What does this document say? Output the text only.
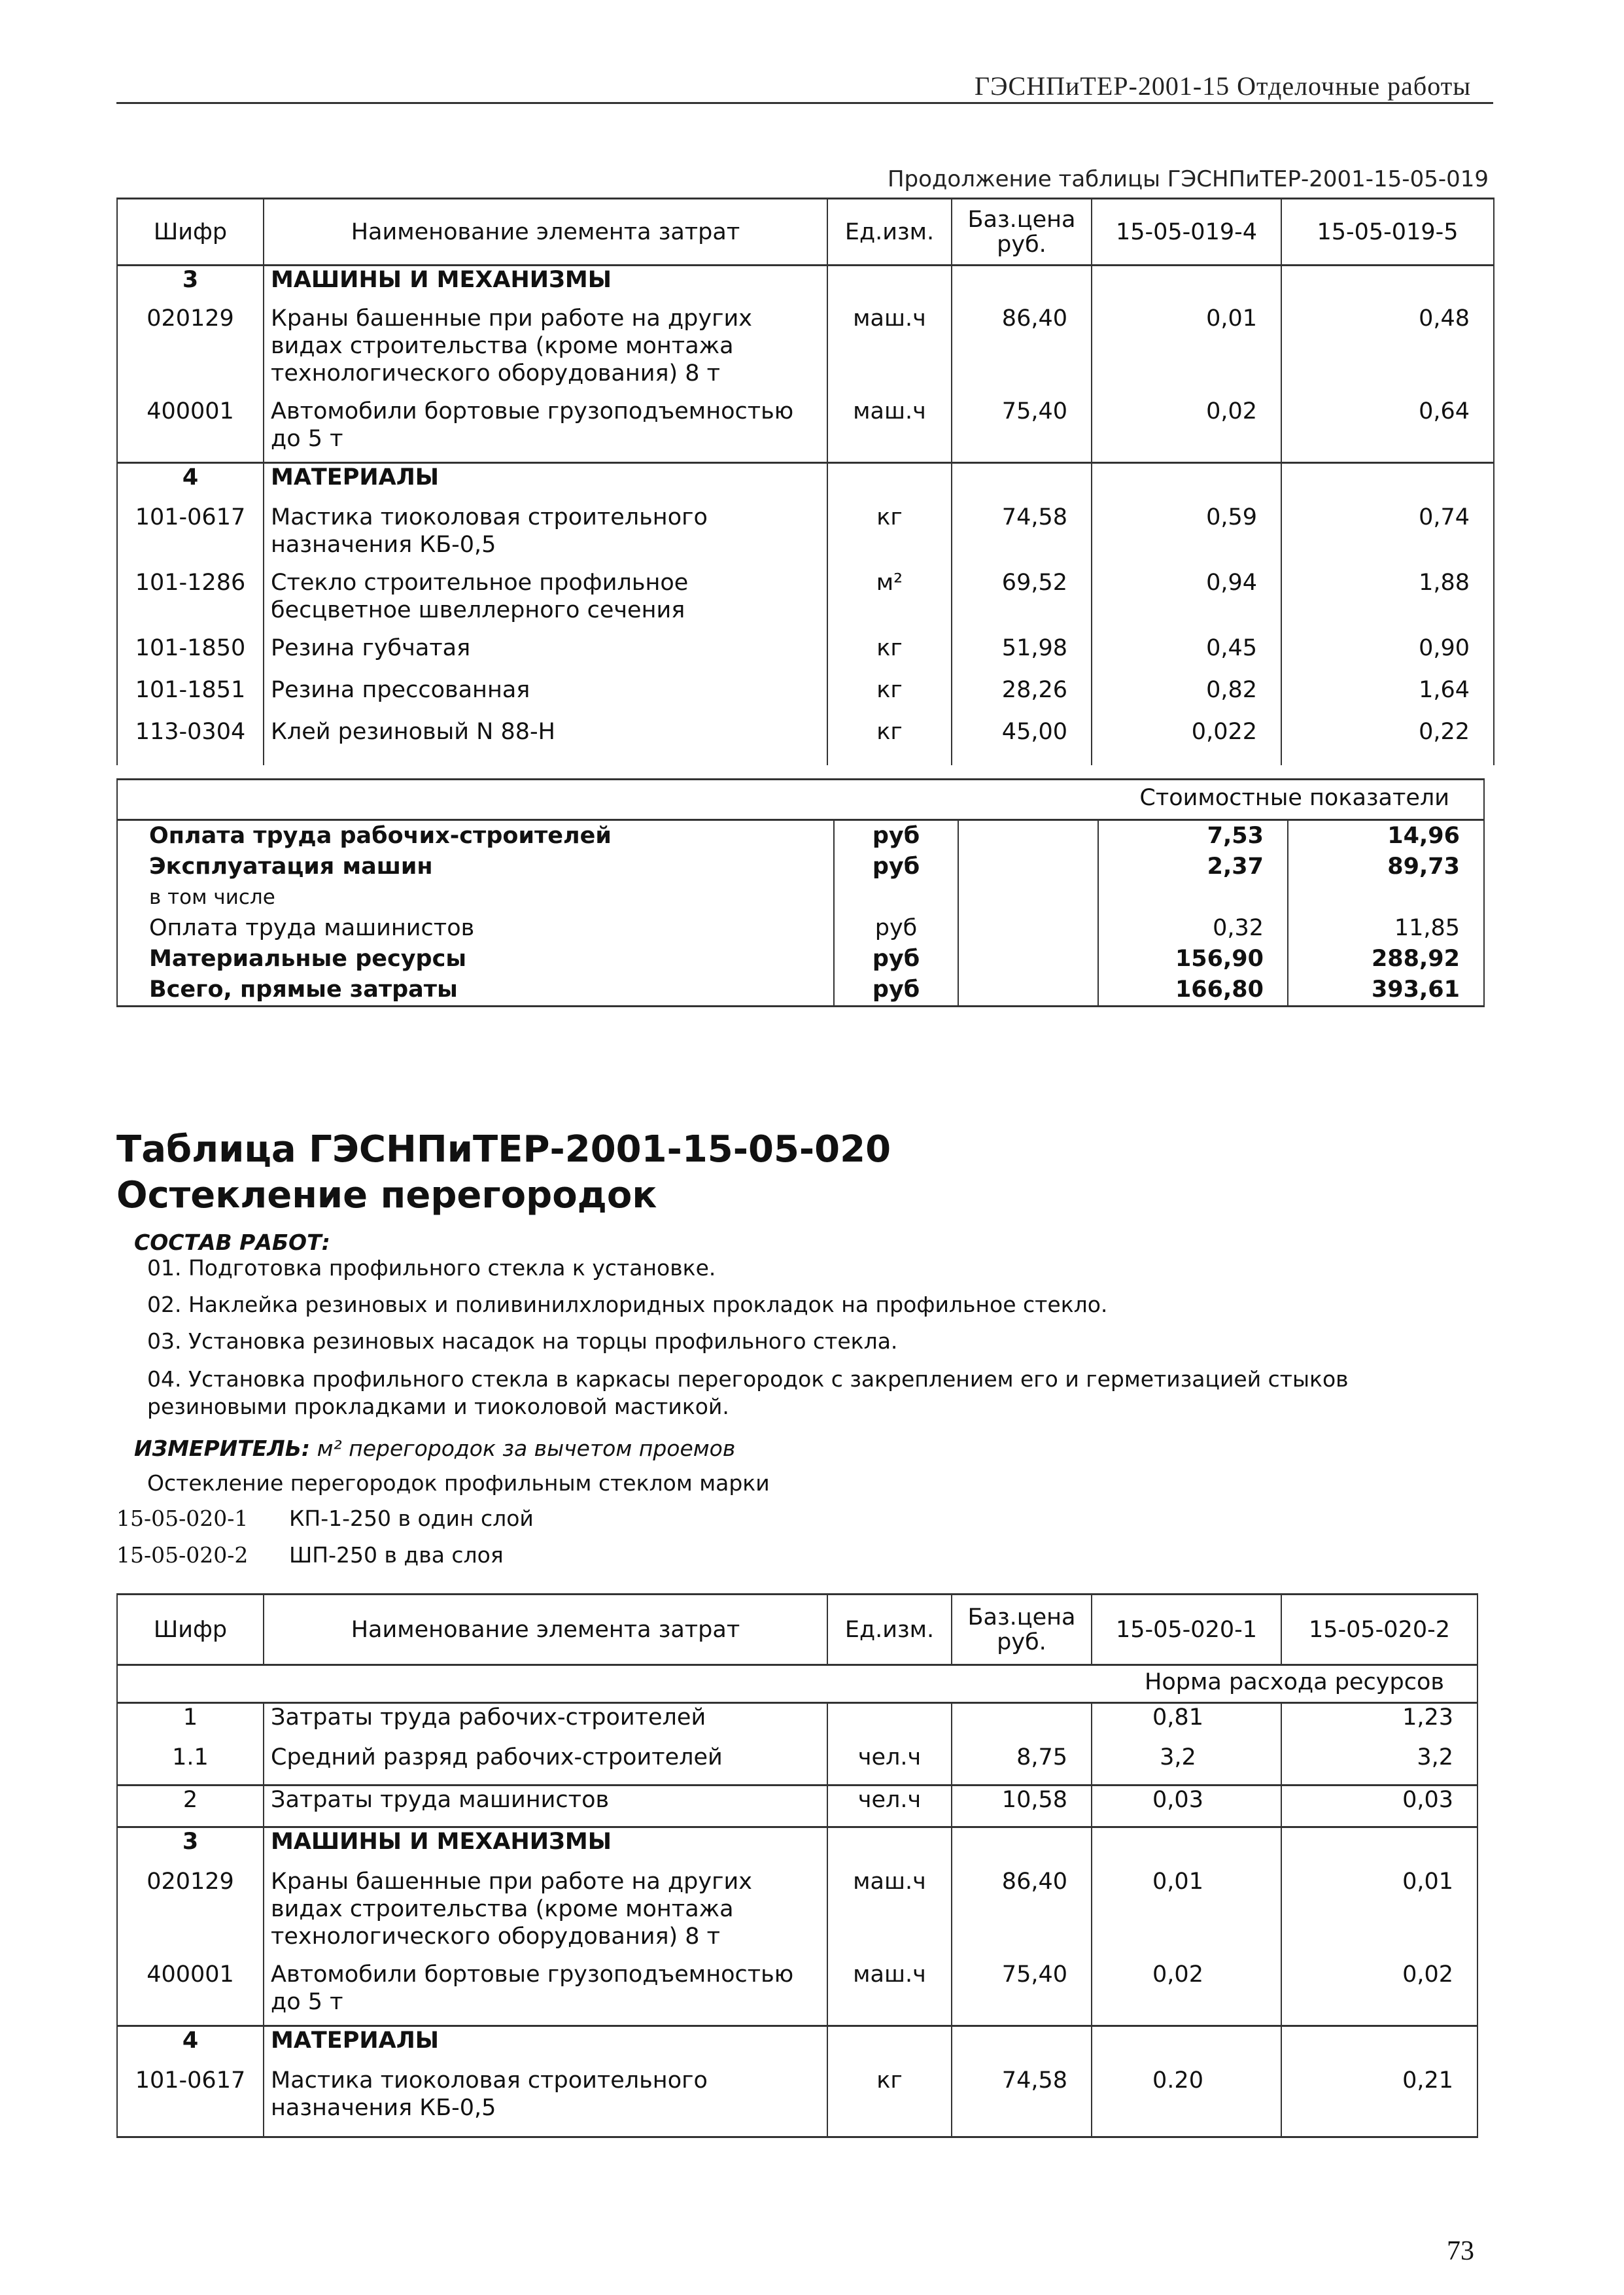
ГЭСНПиТЕР-2001-15 Отделочные работы
Продолжение таблицы ГЭСНПиТЕР-2001-15-05-019
Шифр	Наименование элемента затрат	Ед.изм.	Баз.цена руб.	15-05-019-4	15-05-019-5
3	МАШИНЫ И МЕХАНИЗМЫ				
020129	Краны башенные при работе на других видах строительства (кроме монтажа технологического оборудования) 8 т	маш.ч	86,40	0,01	0,48
400001	Автомобили бортовые грузоподъемностью до 5 т	маш.ч	75,40	0,02	0,64
4	МАТЕРИАЛЫ				
101-0617	Мастика тиоколовая строительного назначения КБ-0,5	кг	74,58	0,59	0,74
101-1286	Стекло строительное профильное бесцветное швеллерного сечения	м²	69,52	0,94	1,88
101-1850	Резина губчатая	кг	51,98	0,45	0,90
101-1851	Резина прессованная	кг	28,26	0,82	1,64
113-0304	Клей резиновый N 88-Н	кг	45,00	0,022	0,22
Стоимостные показатели				
Оплата труда рабочих-строителей	руб		7,53	14,96
Эксплуатация машин	руб		2,37	89,73
в том числе				
Оплата труда машинистов	руб		0,32	11,85
Материальные ресурсы	руб		156,90	288,92
Всего, прямые затраты	руб		166,80	393,61
Таблица ГЭСНПиТЕР-2001-15-05-020
Остекление перегородок
СОСТАВ РАБОТ:
01. Подготовка профильного стекла к установке.
02. Наклейка резиновых и поливинилхлоридных прокладок на профильное стекло.
03. Установка резиновых насадок на торцы профильного стекла.
04. Установка профильного стекла в каркасы перегородок с закреплением его и герметизацией стыков резиновыми прокладками и тиоколовой мастикой.
ИЗМЕРИТЕЛЬ: м² перегородок за вычетом проемов
Остекление перегородок профильным стеклом марки
15-05-020-1 КП-1-250 в один слой
15-05-020-2 ШП-250 в два слоя
Шифр	Наименование элемента затрат	Ед.изм.	Баз.цена руб.	15-05-020-1	15-05-020-2
				Норма расхода ресурсов	
1	Затраты труда рабочих-строителей			0,81	1,23
1.1	Средний разряд рабочих-строителей	чел.ч	8,75	3,2	3,2
2	Затраты труда машинистов	чел.ч	10,58	0,03	0,03
3	МАШИНЫ И МЕХАНИЗМЫ				
020129	Краны башенные при работе на других видах строительства (кроме монтажа технологического оборудования) 8 т	маш.ч	86,40	0,01	0,01
400001	Автомобили бортовые грузоподъемностью до 5 т	маш.ч	75,40	0,02	0,02
4	МАТЕРИАЛЫ				
101-0617	Мастика тиоколовая строительного назначения КБ-0,5	кг	74,58	0.20	0,21
73
